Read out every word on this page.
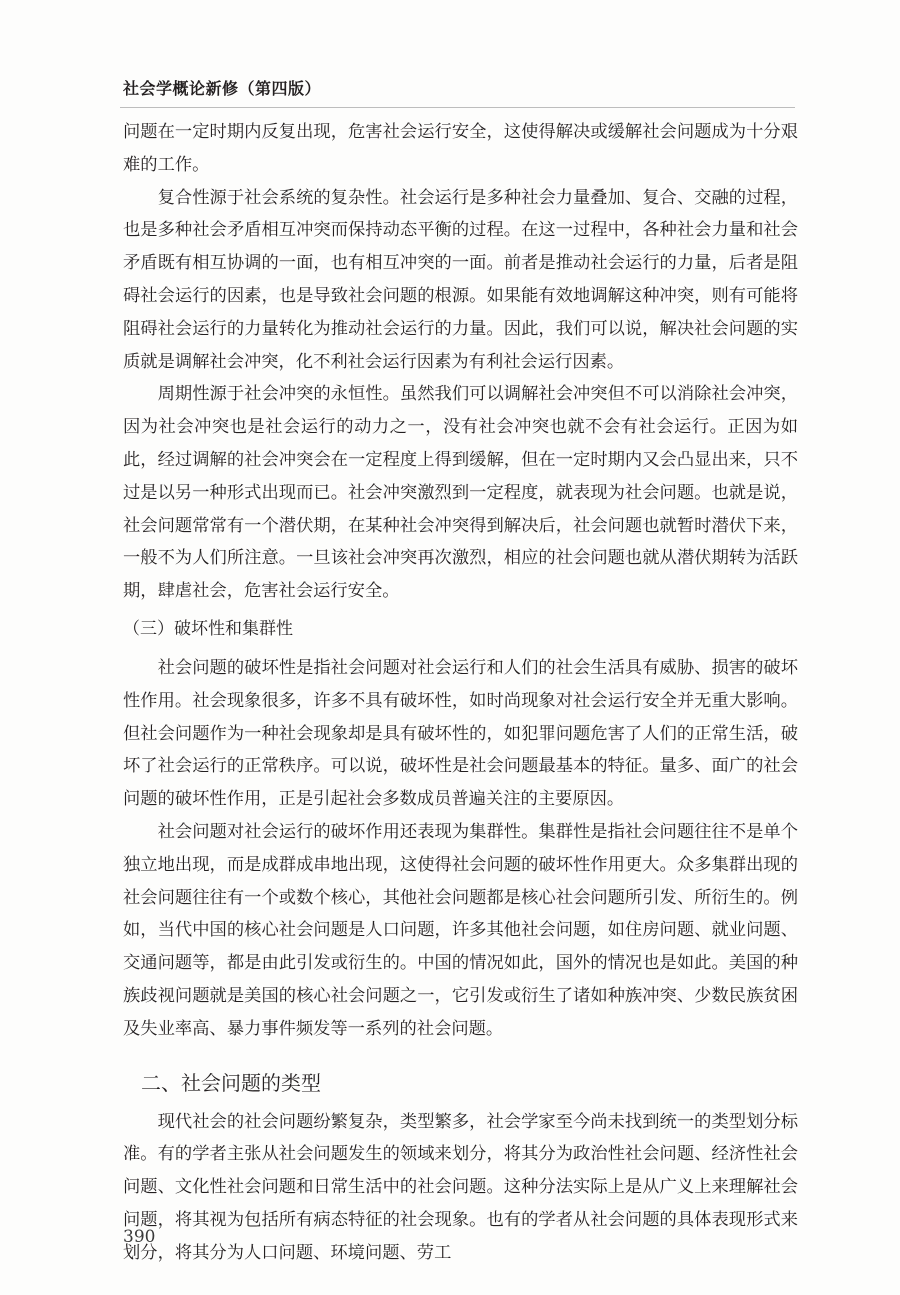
社会学概论新修（第四版）

问题在一定时期内反复出现，危害社会运行安全，这使得解决或缓解社会问题成为十分艰难的工作。

复合性源于社会系统的复杂性。社会运行是多种社会力量叠加、复合、交融的过程，也是多种社会矛盾相互冲突而保持动态平衡的过程。在这一过程中，各种社会力量和社会矛盾既有相互协调的一面，也有相互冲突的一面。前者是推动社会运行的力量，后者是阻碍社会运行的因素，也是导致社会问题的根源。如果能有效地调解这种冲突，则有可能将阻碍社会运行的力量转化为推动社会运行的力量。因此，我们可以说，解决社会问题的实质就是调解社会冲突，化不利社会运行因素为有利社会运行因素。

周期性源于社会冲突的永恒性。虽然我们可以调解社会冲突但不可以消除社会冲突，因为社会冲突也是社会运行的动力之一，没有社会冲突也就不会有社会运行。正因为如此，经过调解的社会冲突会在一定程度上得到缓解，但在一定时期内又会凸显出来，只不过是以另一种形式出现而已。社会冲突激烈到一定程度，就表现为社会问题。也就是说，社会问题常常有一个潜伏期，在某种社会冲突得到解决后，社会问题也就暂时潜伏下来，一般不为人们所注意。一旦该社会冲突再次激烈，相应的社会问题也就从潜伏期转为活跃期，肆虐社会，危害社会运行安全。

（三）破坏性和集群性

社会问题的破坏性是指社会问题对社会运行和人们的社会生活具有威胁、损害的破坏性作用。社会现象很多，许多不具有破坏性，如时尚现象对社会运行安全并无重大影响。但社会问题作为一种社会现象却是具有破坏性的，如犯罪问题危害了人们的正常生活，破坏了社会运行的正常秩序。可以说，破坏性是社会问题最基本的特征。量多、面广的社会问题的破坏性作用，正是引起社会多数成员普遍关注的主要原因。

社会问题对社会运行的破坏作用还表现为集群性。集群性是指社会问题往往不是单个独立地出现，而是成群成串地出现，这使得社会问题的破坏性作用更大。众多集群出现的社会问题往往有一个或数个核心，其他社会问题都是核心社会问题所引发、所衍生的。例如，当代中国的核心社会问题是人口问题，许多其他社会问题，如住房问题、就业问题、交通问题等，都是由此引发或衍生的。中国的情况如此，国外的情况也是如此。美国的种族歧视问题就是美国的核心社会问题之一，它引发或衍生了诸如种族冲突、少数民族贫困及失业率高、暴力事件频发等一系列的社会问题。

二、社会问题的类型

现代社会的社会问题纷繁复杂，类型繁多，社会学家至今尚未找到统一的类型划分标准。有的学者主张从社会问题发生的领域来划分，将其分为政治性社会问题、经济性社会问题、文化性社会问题和日常生活中的社会问题。这种分法实际上是从广义上来理解社会问题，将其视为包括所有病态特征的社会现象。也有的学者从社会问题的具体表现形式来划分，将其分为人口问题、环境问题、劳工

390
